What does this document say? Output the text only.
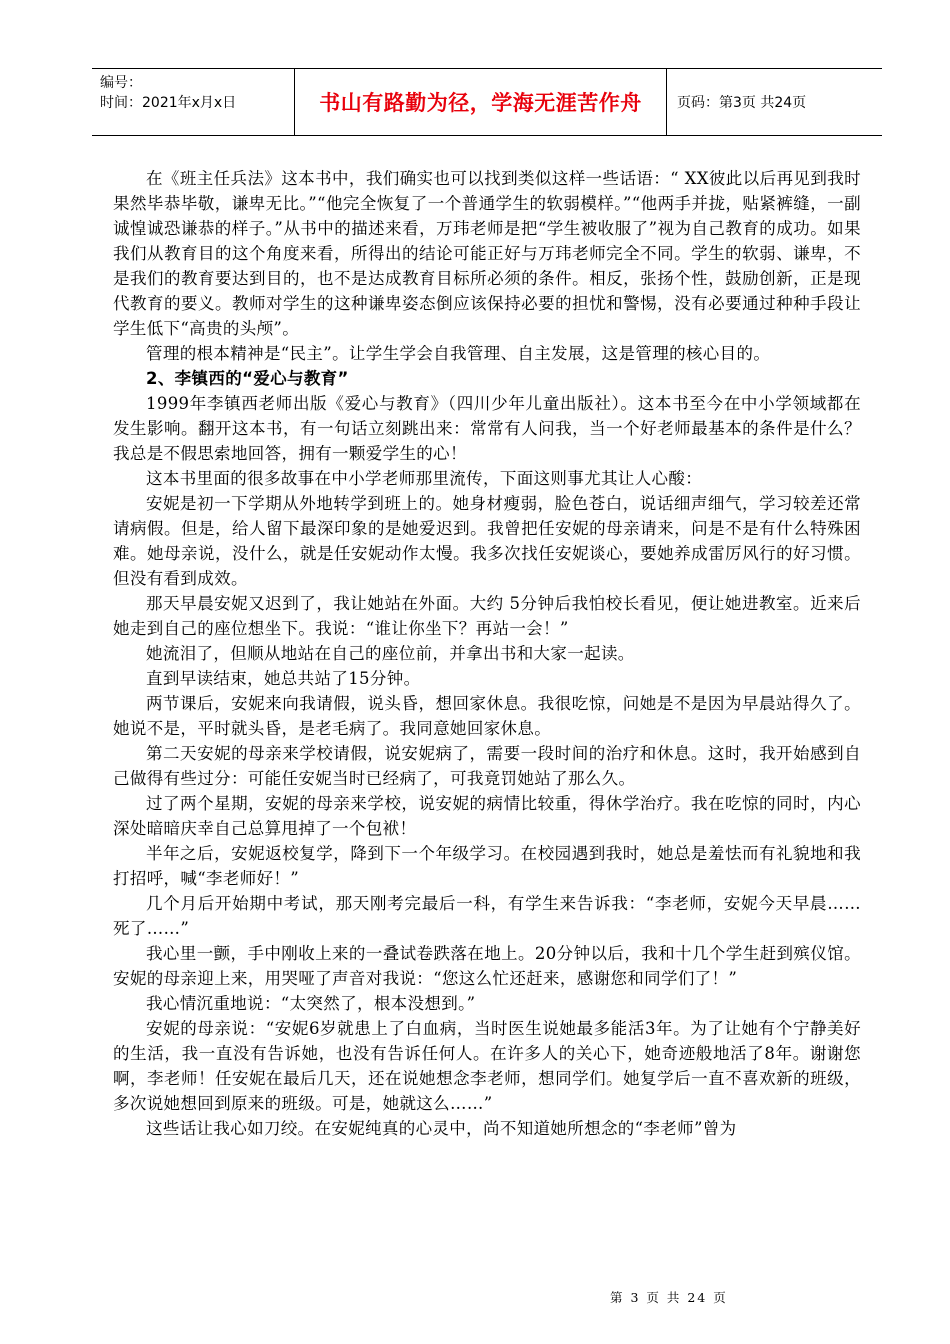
编号：
时间：2021年x月x日	书山有路勤为径，学海无涯苦作舟	页码：第3页 共24页

在《班主任兵法》这本书中，我们确实也可以找到类似这样一些话语：“ XX彼此以后再见到我时果然毕恭毕敬，谦卑无比。”“他完全恢复了一个普通学生的软弱模样。”“他两手并拢，贴紧裤缝，一副诚惶诚恐谦恭的样子。”从书中的描述来看，万玮老师是把“学生被收服了”视为自己教育的成功。如果我们从教育目的这个角度来看，所得出的结论可能正好与万玮老师完全不同。学生的软弱、谦卑，不是我们的教育要达到目的，也不是达成教育目标所必须的条件。相反，张扬个性，鼓励创新，正是现代教育的要义。教师对学生的这种谦卑姿态倒应该保持必要的担忧和警惕，没有必要通过种种手段让学生低下“高贵的头颅”。

管理的根本精神是“民主”。让学生学会自我管理、自主发展，这是管理的核心目的。

2、李镇西的“爱心与教育”

1999年李镇西老师出版《爱心与教育》（四川少年儿童出版社）。这本书至今在中小学领域都在发生影响。翻开这本书，有一句话立刻跳出来：常常有人问我，当一个好老师最基本的条件是什么？我总是不假思索地回答，拥有一颗爱学生的心！

这本书里面的很多故事在中小学老师那里流传，下面这则事尤其让人心酸：

安妮是初一下学期从外地转学到班上的。她身材瘦弱，脸色苍白，说话细声细气，学习较差还常请病假。但是，给人留下最深印象的是她爱迟到。我曾把任安妮的母亲请来，问是不是有什么特殊困难。她母亲说，没什么，就是任安妮动作太慢。我多次找任安妮谈心，要她养成雷厉风行的好习惯。但没有看到成效。

那天早晨安妮又迟到了，我让她站在外面。大约 5分钟后我怕校长看见，便让她进教室。近来后她走到自己的座位想坐下。我说：“谁让你坐下？再站一会！”

她流泪了，但顺从地站在自己的座位前，并拿出书和大家一起读。

直到早读结束，她总共站了15分钟。

两节课后，安妮来向我请假，说头昏，想回家休息。我很吃惊，问她是不是因为早晨站得久了。她说不是，平时就头昏，是老毛病了。我同意她回家休息。

第二天安妮的母亲来学校请假，说安妮病了，需要一段时间的治疗和休息。这时，我开始感到自己做得有些过分：可能任安妮当时已经病了，可我竟罚她站了那么久。

过了两个星期，安妮的母亲来学校，说安妮的病情比较重，得休学治疗。我在吃惊的同时，内心深处暗暗庆幸自己总算甩掉了一个包袱！

半年之后，安妮返校复学，降到下一个年级学习。在校园遇到我时，她总是羞怯而有礼貌地和我打招呼，喊“李老师好！”

几个月后开始期中考试，那天刚考完最后一科，有学生来告诉我：“李老师，安妮今天早晨……死了……”

我心里一颤，手中刚收上来的一叠试卷跌落在地上。20分钟以后，我和十几个学生赶到殡仪馆。安妮的母亲迎上来，用哭哑了声音对我说：“您这么忙还赶来，感谢您和同学们了！”

我心情沉重地说：“太突然了，根本没想到。”

安妮的母亲说：“安妮6岁就患上了白血病，当时医生说她最多能活3年。为了让她有个宁静美好的生活，我一直没有告诉她，也没有告诉任何人。在许多人的关心下，她奇迹般地活了8年。谢谢您啊，李老师！任安妮在最后几天，还在说她想念李老师，想同学们。她复学后一直不喜欢新的班级，多次说她想回到原来的班级。可是，她就这么……”

这些话让我心如刀绞。在安妮纯真的心灵中，尚不知道她所想念的“李老师”曾为

第 3 页 共 24 页
